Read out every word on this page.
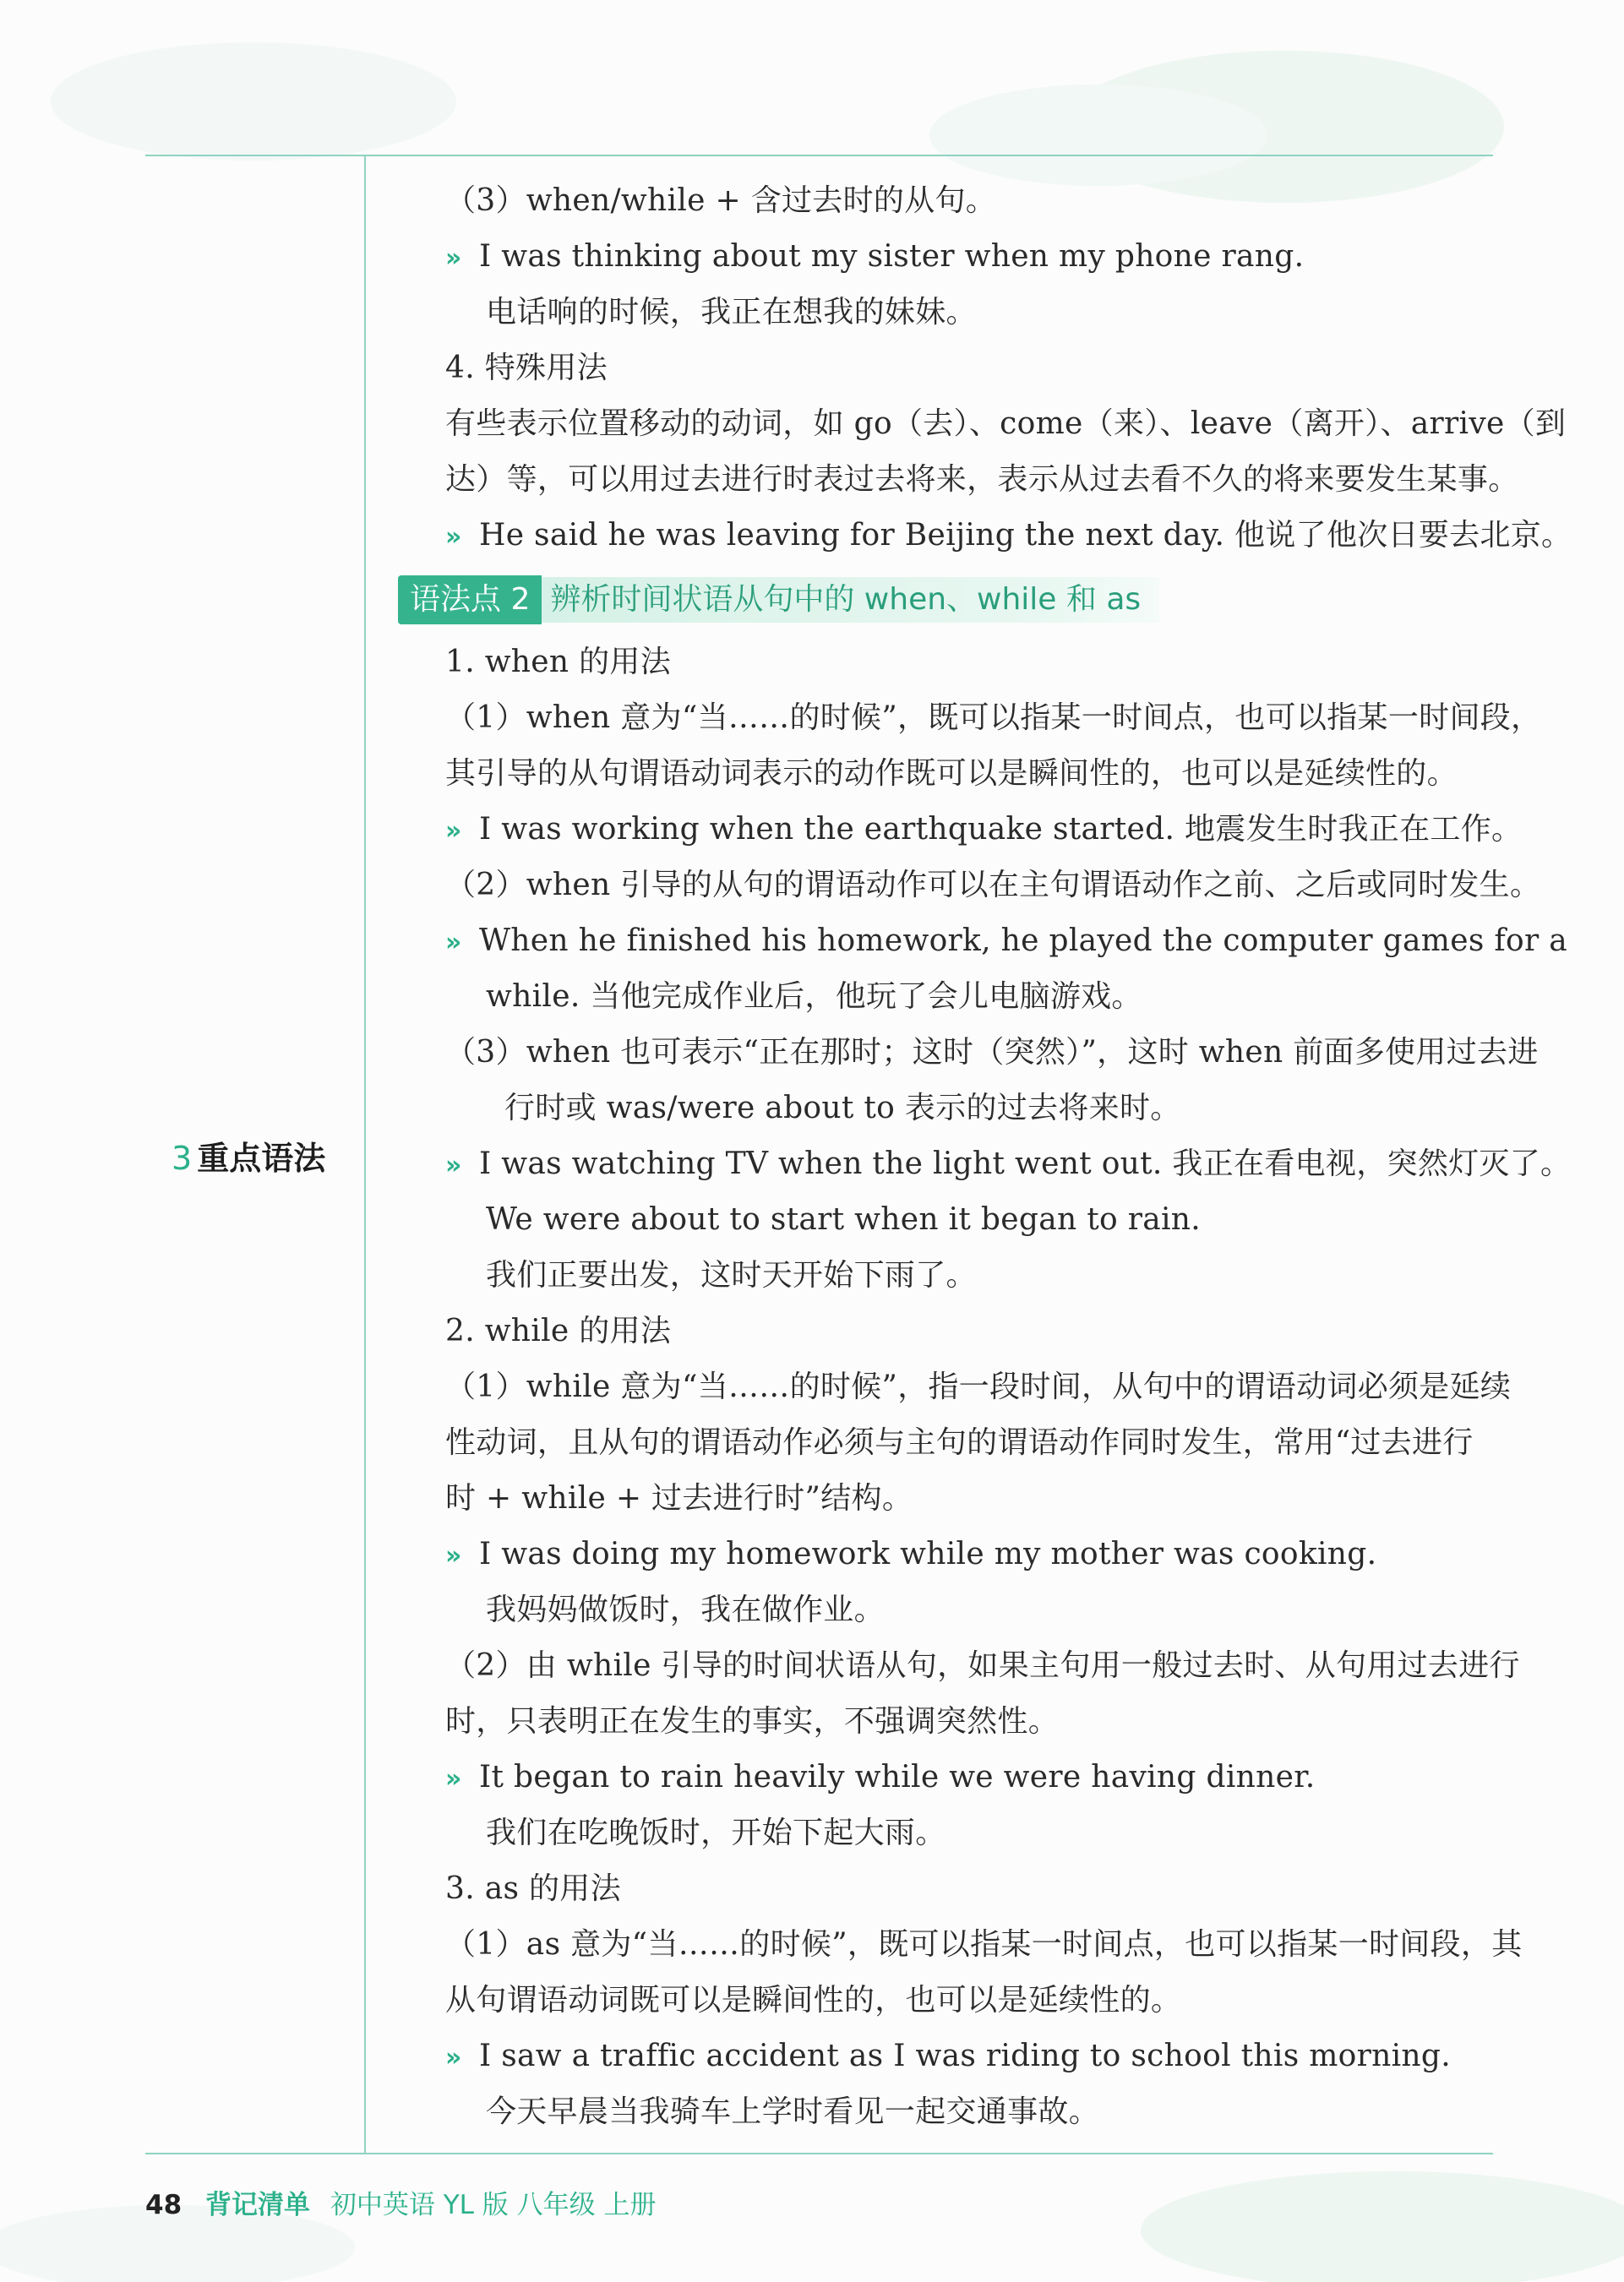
3 重点语法
（3）when/while + 含过去时的从句。
» I was thinking about my sister when my phone rang.
电话响的时候，我正在想我的妹妹。
4. 特殊用法
有些表示位置移动的动词，如 go（去）、come（来）、leave（离开）、arrive（到
达）等，可以用过去进行时表过去将来，表示从过去看不久的将来要发生某事。
» He said he was leaving for Beijing the next day. 他说了他次日要去北京。
语法点 2 辨析时间状语从句中的 when、while 和 as
1. when 的用法
（1）when 意为“当……的时候”，既可以指某一时间点，也可以指某一时间段，
其引导的从句谓语动词表示的动作既可以是瞬间性的，也可以是延续性的。
» I was working when the earthquake started. 地震发生时我正在工作。
（2）when 引导的从句的谓语动作可以在主句谓语动作之前、之后或同时发生。
» When he finished his homework, he played the computer games for a
while. 当他完成作业后，他玩了会儿电脑游戏。
（3）when 也可表示“正在那时；这时（突然）”，这时 when 前面多使用过去进
行时或 was/were about to 表示的过去将来时。
» I was watching TV when the light went out. 我正在看电视，突然灯灭了。
We were about to start when it began to rain.
我们正要出发，这时天开始下雨了。
2. while 的用法
（1）while 意为“当……的时候”，指一段时间，从句中的谓语动词必须是延续
性动词，且从句的谓语动作必须与主句的谓语动作同时发生，常用“过去进行
时 + while + 过去进行时”结构。
» I was doing my homework while my mother was cooking.
我妈妈做饭时，我在做作业。
（2）由 while 引导的时间状语从句，如果主句用一般过去时、从句用过去进行
时，只表明正在发生的事实，不强调突然性。
» It began to rain heavily while we were having dinner.
我们在吃晚饭时，开始下起大雨。
3. as 的用法
（1）as 意为“当……的时候”，既可以指某一时间点，也可以指某一时间段，其
从句谓语动词既可以是瞬间性的，也可以是延续性的。
» I saw a traffic accident as I was riding to school this morning.
今天早晨当我骑车上学时看见一起交通事故。
48 背记清单 初中英语 YL 版 八年级 上册
